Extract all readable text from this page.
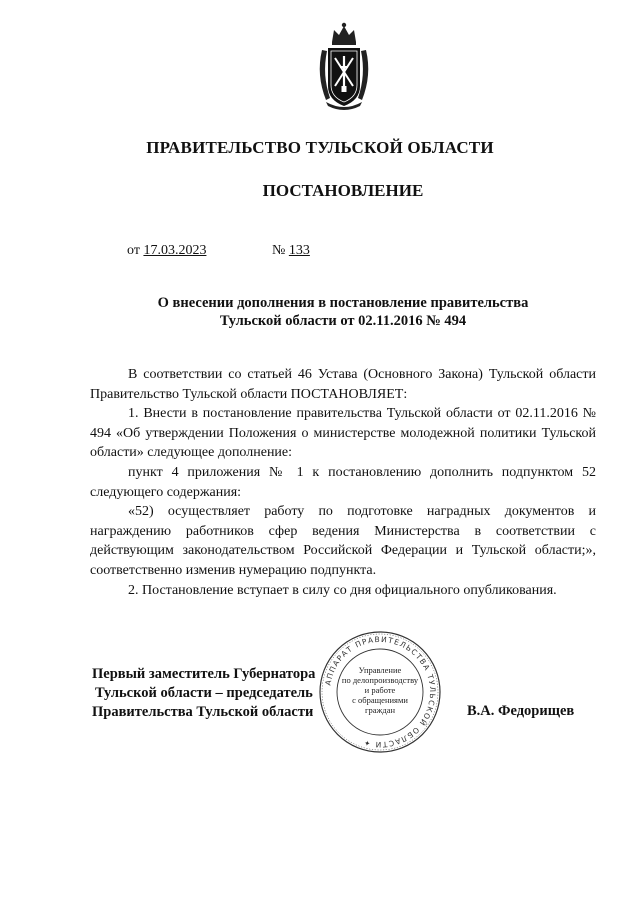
ПРАВИТЕЛЬСТВО ТУЛЬСКОЙ ОБЛАСТИ
ПОСТАНОВЛЕНИЕ
от 17.03.2023	№ 133
О внесении дополнения в постановление правительства
Тульской области от 02.11.2016 № 494

В соответствии со статьей 46 Устава (Основного Закона) Тульской области Правительство Тульской области ПОСТАНОВЛЯЕТ:

1. Внести в постановление правительства Тульской области от 02.11.2016 № 494 «Об утверждении Положения о министерстве молодежной политики Тульской области» следующее дополнение:

пункт 4 приложения № 1 к постановлению дополнить подпунктом 52 следующего содержания:

«52) осуществляет работу по подготовке наградных документов и награждению работников сфер ведения Министерства в соответствии с действующим законодательством Российской Федерации и Тульской области;», соответственно изменив нумерацию подпункта.

2. Постановление вступает в силу со дня официального опубликования.

Первый заместитель Губернатора
Тульской области – председатель
Правительства Тульской области	В.А. Федорищев
АППАРАТ ПРАВИТЕЛЬСТВА ТУЛЬСКОЙ ОБЛАСТИ ✦
Управление
по делопроизводству
и работе
с обращениями
граждан
